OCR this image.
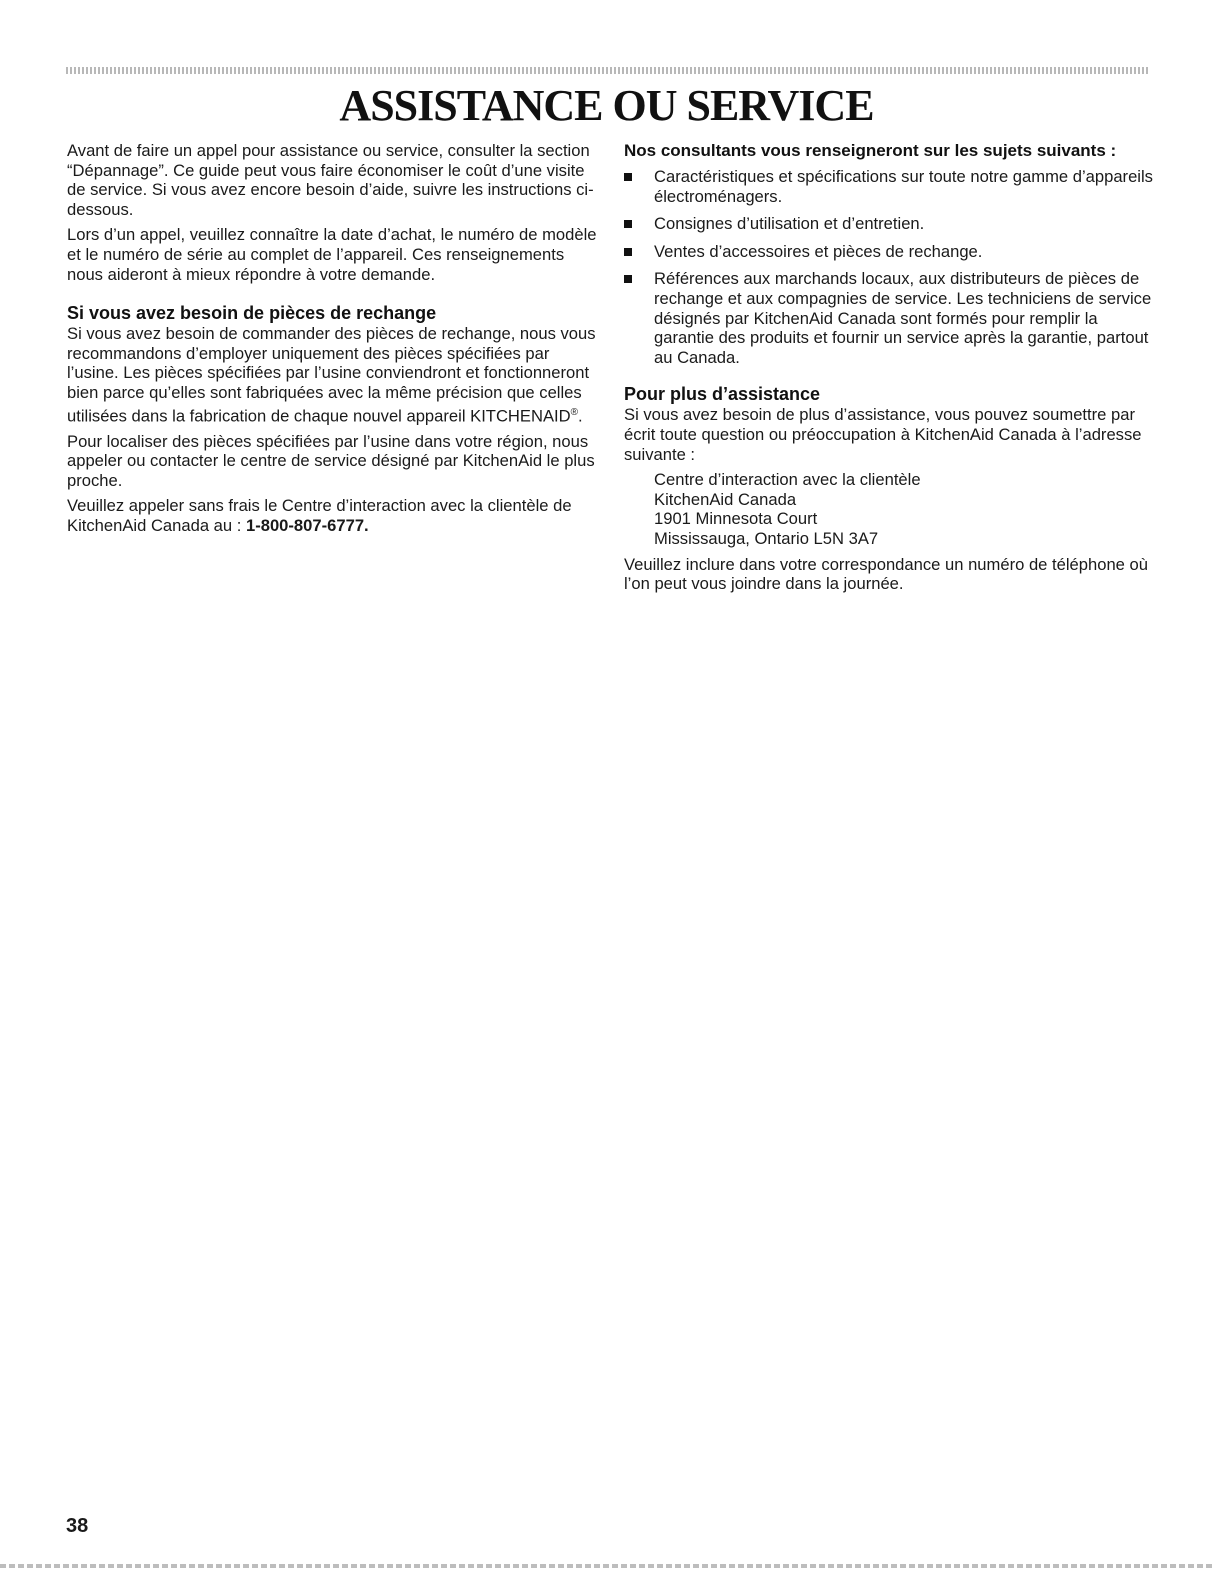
ASSISTANCE OU SERVICE

Avant de faire un appel pour assistance ou service, consulter la section “Dépannage”. Ce guide peut vous faire économiser le coût d’une visite de service. Si vous avez encore besoin d’aide, suivre les instructions ci-dessous.

Lors d’un appel, veuillez connaître la date d’achat, le numéro de modèle et le numéro de série au complet de l’appareil. Ces renseignements nous aideront à mieux répondre à votre demande.

Si vous avez besoin de pièces de rechange

Si vous avez besoin de commander des pièces de rechange, nous vous recommandons d’employer uniquement des pièces spécifiées par l’usine. Les pièces spécifiées par l’usine conviendront et fonctionneront bien parce qu’elles sont fabriquées avec la même précision que celles utilisées dans la fabrication de chaque nouvel appareil KITCHENAID®.

Pour localiser des pièces spécifiées par l’usine dans votre région, nous appeler ou contacter le centre de service désigné par KitchenAid le plus proche.

Veuillez appeler sans frais le Centre d’interaction avec la clientèle de KitchenAid Canada au : 1-800-807-6777.

Nos consultants vous renseigneront sur les sujets suivants :

Caractéristiques et spécifications sur toute notre gamme d’appareils électroménagers.
Consignes d’utilisation et d’entretien.
Ventes d’accessoires et pièces de rechange.
Références aux marchands locaux, aux distributeurs de pièces de rechange et aux compagnies de service. Les techniciens de service désignés par KitchenAid Canada sont formés pour remplir la garantie des produits et fournir un service après la garantie, partout au Canada.
Pour plus d’assistance

Si vous avez besoin de plus d’assistance, vous pouvez soumettre par écrit toute question ou préoccupation à KitchenAid Canada à l’adresse suivante :

Centre d’interaction avec la clientèle
KitchenAid Canada
1901 Minnesota Court
Mississauga, Ontario L5N 3A7

Veuillez inclure dans votre correspondance un numéro de téléphone où l’on peut vous joindre dans la journée.

38
